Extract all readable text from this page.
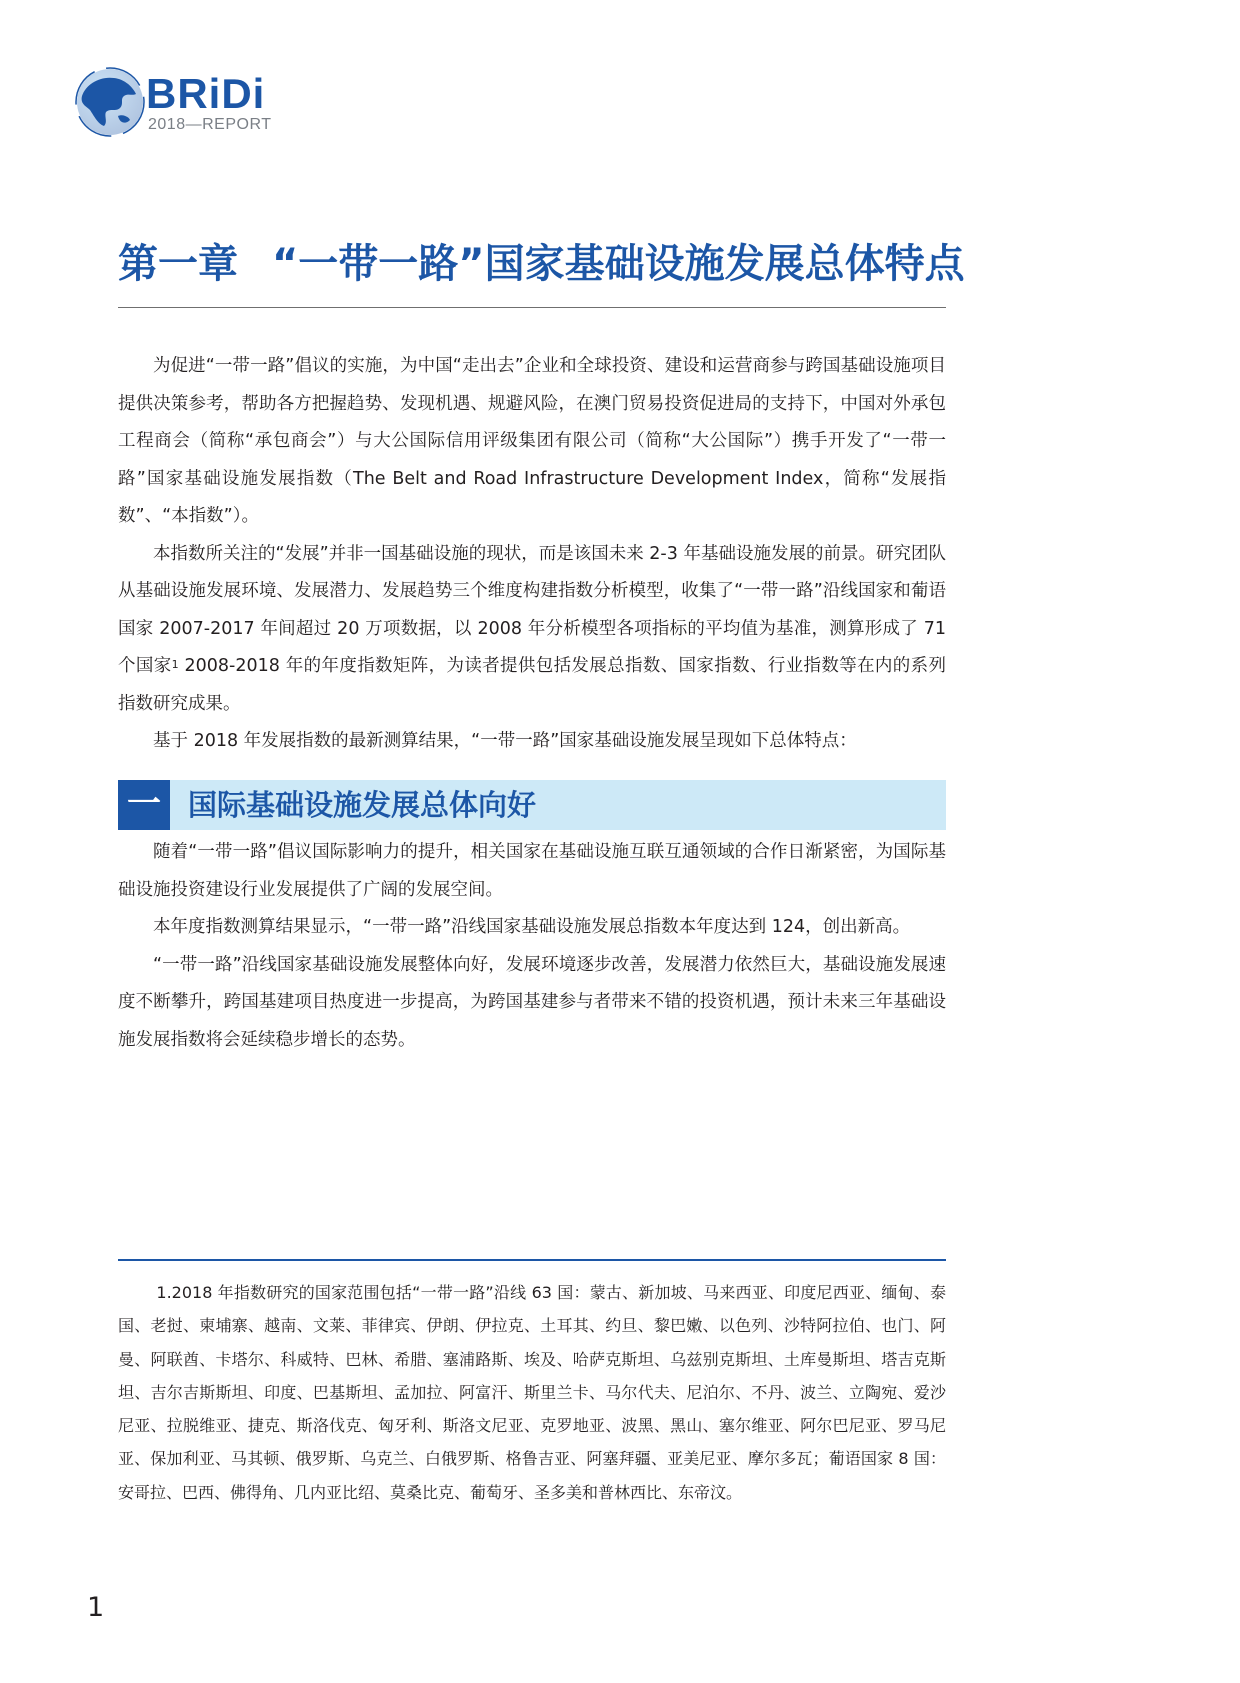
BRiDi
2018—REPORT
第一章 “一带一路”国家基础设施发展总体特点

为促进“一带一路”倡议的实施，为中国“走出去”企业和全球投资、建设和运营商参与跨国基础设施项目提供决策参考，帮助各方把握趋势、发现机遇、规避风险，在澳门贸易投资促进局的支持下，中国对外承包工程商会（简称“承包商会”）与大公国际信用评级集团有限公司（简称“大公国际”）携手开发了“一带一路”国家基础设施发展指数（The Belt and Road Infrastructure Development Index，简称“发展指数”、“本指数”）。

本指数所关注的“发展”并非一国基础设施的现状，而是该国未来 2-3 年基础设施发展的前景。研究团队从基础设施发展环境、发展潜力、发展趋势三个维度构建指数分析模型，收集了“一带一路”沿线国家和葡语国家 2007-2017 年间超过 20 万项数据，以 2008 年分析模型各项指标的平均值为基准，测算形成了 71 个国家$^1$ 2008-2018 年的年度指数矩阵，为读者提供包括发展总指数、国家指数、行业指数等在内的系列指数研究成果。

基于 2018 年发展指数的最新测算结果，“一带一路”国家基础设施发展呈现如下总体特点：

一 国际基础设施发展总体向好

随着“一带一路”倡议国际影响力的提升，相关国家在基础设施互联互通领域的合作日渐紧密，为国际基础设施投资建设行业发展提供了广阔的发展空间。

本年度指数测算结果显示，“一带一路”沿线国家基础设施发展总指数本年度达到 124，创出新高。

“一带一路”沿线国家基础设施发展整体向好，发展环境逐步改善，发展潜力依然巨大，基础设施发展速度不断攀升，跨国基建项目热度进一步提高，为跨国基建参与者带来不错的投资机遇，预计未来三年基础设施发展指数将会延续稳步增长的态势。

1.2018 年指数研究的国家范围包括“一带一路”沿线 63 国：蒙古、新加坡、马来西亚、印度尼西亚、缅甸、泰国、老挝、柬埔寨、越南、文莱、菲律宾、伊朗、伊拉克、土耳其、约旦、黎巴嫩、以色列、沙特阿拉伯、也门、阿曼、阿联酋、卡塔尔、科威特、巴林、希腊、塞浦路斯、埃及、哈萨克斯坦、乌兹别克斯坦、土库曼斯坦、塔吉克斯坦、吉尔吉斯斯坦、印度、巴基斯坦、孟加拉、阿富汗、斯里兰卡、马尔代夫、尼泊尔、不丹、波兰、立陶宛、爱沙尼亚、拉脱维亚、捷克、斯洛伐克、匈牙利、斯洛文尼亚、克罗地亚、波黑、黑山、塞尔维亚、阿尔巴尼亚、罗马尼亚、保加利亚、马其顿、俄罗斯、乌克兰、白俄罗斯、格鲁吉亚、阿塞拜疆、亚美尼亚、摩尔多瓦；葡语国家 8 国：安哥拉、巴西、佛得角、几内亚比绍、莫桑比克、葡萄牙、圣多美和普林西比、东帝汶。

1
